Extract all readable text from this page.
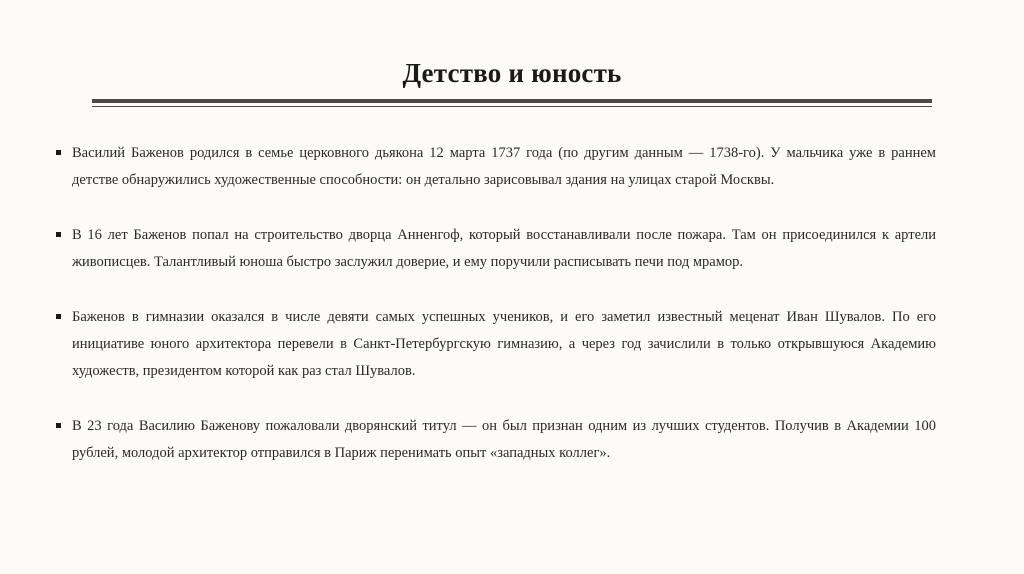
Детство и юность
Василий Баженов родился в семье церковного дьякона 12 марта 1737 года (по другим данным — 1738-го). У мальчика уже в раннем детстве обнаружились художественные способности: он детально зарисовывал здания на улицах старой Москвы.
В 16 лет Баженов попал на строительство дворца Анненгоф, который восстанавливали после пожара. Там он присоединился к артели живописцев. Талантливый юноша быстро заслужил доверие, и ему поручили расписывать печи под мрамор.
Баженов в гимназии оказался в числе девяти самых успешных учеников, и его заметил известный меценат Иван Шувалов. По его инициативе юного архитектора перевели в Санкт-Петербургскую гимназию, а через год зачислили в только открывшуюся Академию художеств, президентом которой как раз стал Шувалов.
В 23 года Василию Баженову пожаловали дворянский титул — он был признан одним из лучших студентов. Получив в Академии 100 рублей, молодой архитектор отправился в Париж перенимать опыт «западных коллег».
